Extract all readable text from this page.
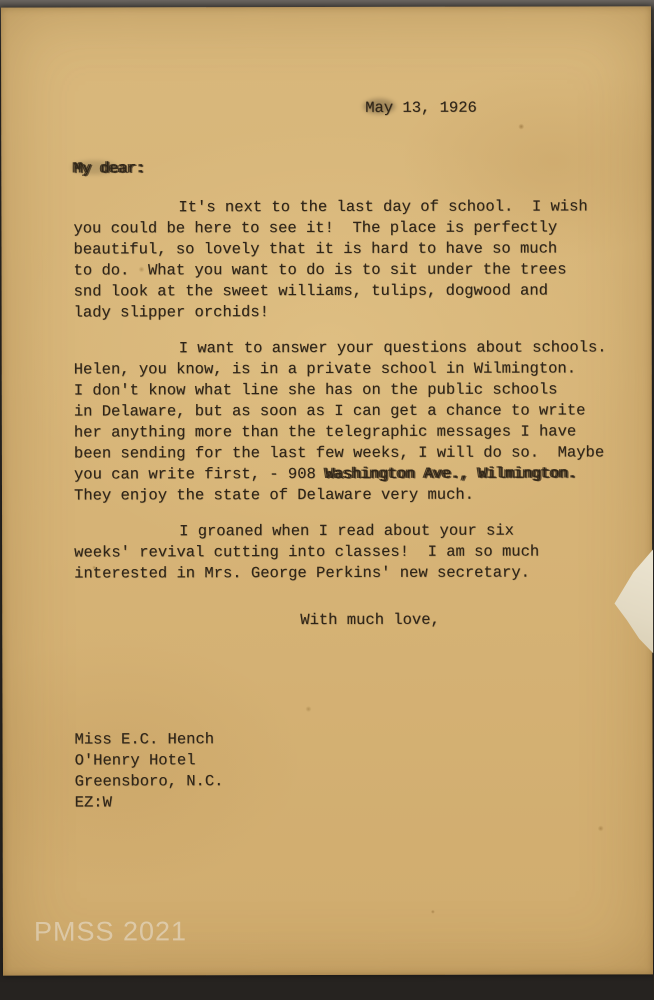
May 13, 1926
My dear:
It's next to the last day of school.  I wish
you could be here to see it!  The place is perfectly
beautiful, so lovely that it is hard to have so much
to do.  What you want to do is to sit under the trees
snd look at the sweet williams, tulips, dogwood and
lady slipper orchids!
I want to answer your questions about schools.
Helen, you know, is in a private school in Wilmington.
I don't know what line she has on the public schools
in Delaware, but as soon as I can get a chance to write
her anything more than the telegraphic messages I have
been sending for the last few weeks, I will do so.  Maybe
you can write first, - 908 Washington Ave., Wilmington.
They enjoy the state of Delaware very much.
I groaned when I read about your six
weeks' revival cutting into classes!  I am so much
interested in Mrs. George Perkins' new secretary.
With much love,
Miss E.C. Hench
O'Henry Hotel
Greensboro, N.C.
EZ:W
PMSS 2021
